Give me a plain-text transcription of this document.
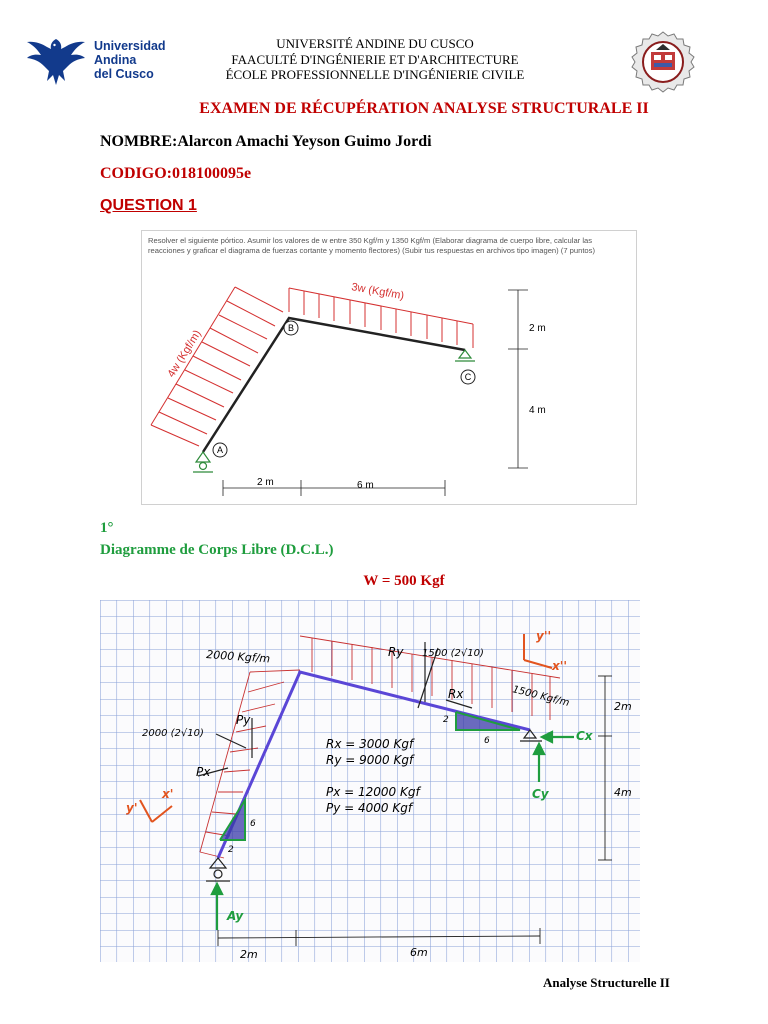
Universidad
Andina
del Cusco
UNIVERSITÉ ANDINE DU CUSCO
FAACULTÉ D'INGÉNIERIE ET D'ARCHITECTURE
ÉCOLE PROFESSIONNELLE D'INGÉNIERIE CIVILE
EXAMEN DE RÉCUPÉRATION ANALYSE STRUCTURALE II
NOMBRE:Alarcon Amachi Yeyson Guimo Jordi
CODIGO:018100095e
QUESTION 1
Resolver el siguiente pórtico. Asumir los valores de w entre 350 Kgf/m y 1350 Kgf/m (Elaborar diagrama de cuerpo libre, calcular las reacciones y graficar el diagrama de fuerzas cortante y momento flectores) (Subir tus respuestas en archivos tipo imagen) (7 puntos)
B
A
C
3w (Kgf/m)
4w (Kgf/m)	2 m
4 m
2 m	6 m
1°
Diagramme de Corps Libre (D.C.L.)
W = 500 Kgf
2
6
2
6
Ay
Cy
Cx
2000 Kgf/m
1500 Kgf/m
1500 (2√10)
2000 (2√10)
Ry
Rx
Py
Px
Rx = 3000 Kgf
Ry = 9000 Kgf
Px = 12000 Kgf
Py = 4000 Kgf
y''
x''
y'
x'
2m
4m
2m	6m
Analyse Structurelle II
